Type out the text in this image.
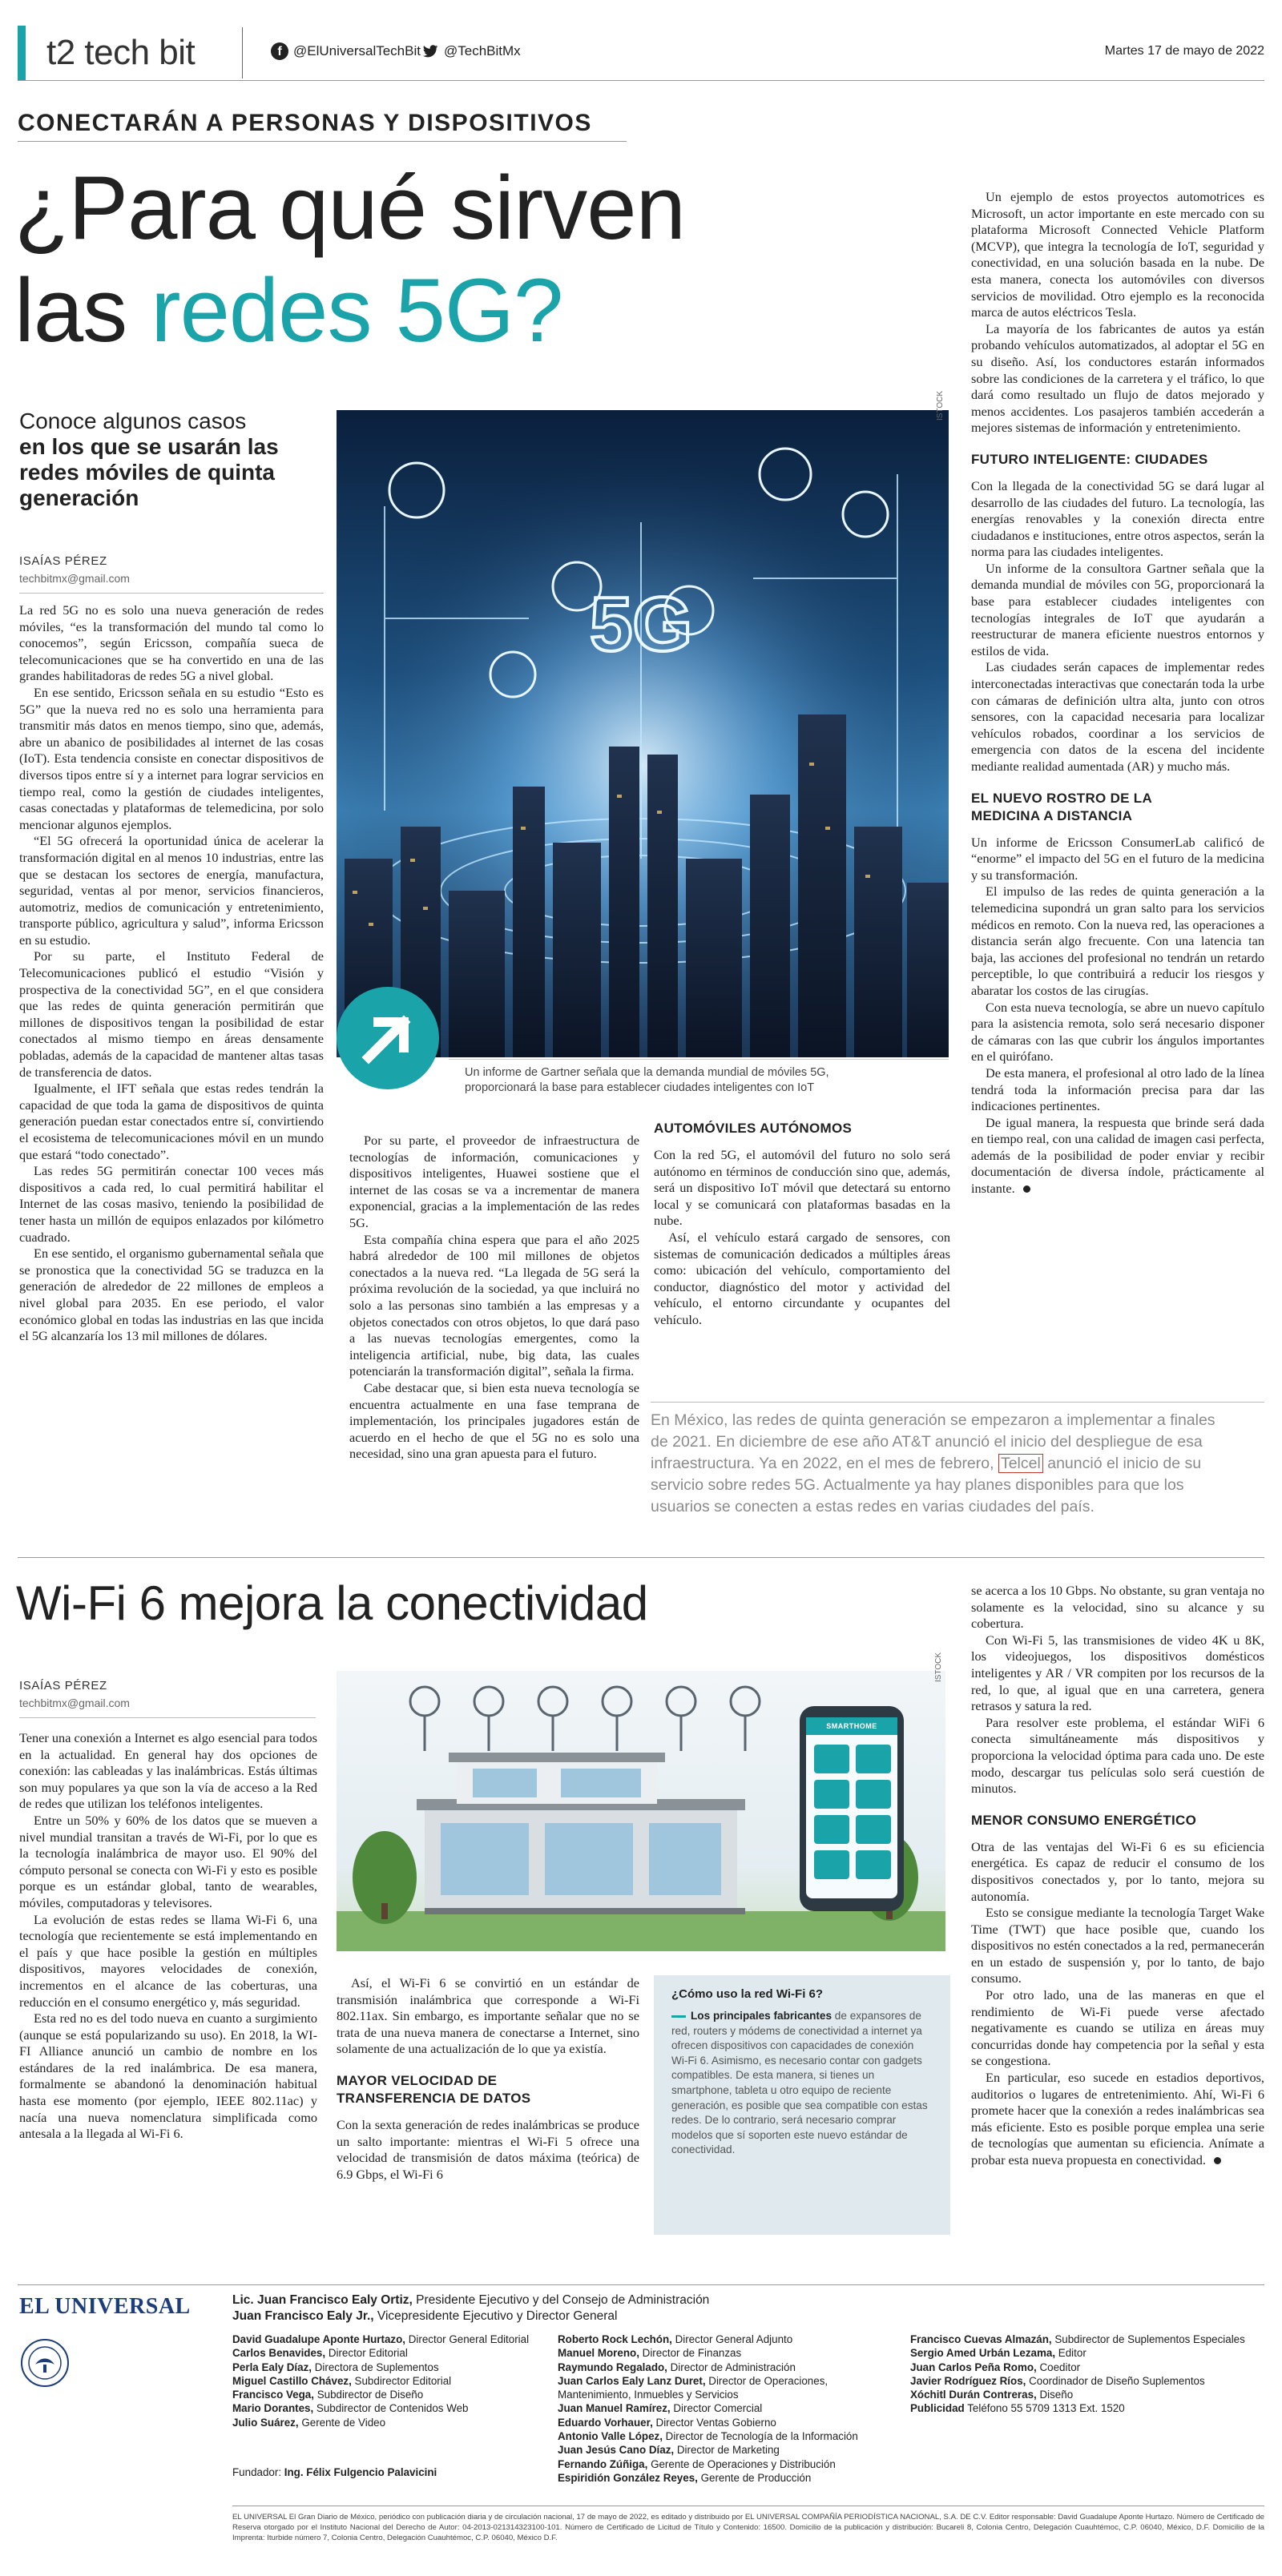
t2 tech bit	f @ElUniversalTechBit @TechBitMx	Martes 17 de mayo de 2022
CONECTARÁN A PERSONAS Y DISPOSITIVOS
¿Para qué sirven
las redes 5G?
Conoce algunos casos
en los que se usarán las redes móviles de quinta generación
ISAÍAS PÉREZ
techbitmx@gmail.com
5G
ISTOCK
Un informe de Gartner señala que la demanda mundial de móviles 5G, proporcionará la base para establecer ciudades inteligentes con IoT

La red 5G no es solo una nueva generación de redes móviles, “es la transformación del mundo tal como lo conocemos”, según Ericsson, compañía sueca de telecomunicaciones que se ha convertido en una de las grandes habilitadoras de redes 5G a nivel global.

En ese sentido, Ericsson señala en su estudio “Esto es 5G” que la nueva red no es solo una herramienta para transmitir más datos en menos tiempo, sino que, además, abre un abanico de posibilidades al internet de las cosas (IoT). Esta tendencia consiste en conectar dispositivos de diversos tipos entre sí y a internet para lograr servicios en tiempo real, como la gestión de ciudades inteligentes, casas conectadas y plataformas de telemedicina, por solo mencionar algunos ejemplos.

“El 5G ofrecerá la oportunidad única de acelerar la transformación digital en al menos 10 industrias, entre las que se destacan los sectores de energía, manufactura, seguridad, ventas al por menor, servicios financieros, automotriz, medios de comunicación y entretenimiento, transporte público, agricultura y salud”, informa Ericsson en su estudio.

Por su parte, el Instituto Federal de Telecomunicaciones publicó el estudio “Visión y prospectiva de la conectividad 5G”, en el que considera que las redes de quinta generación permitirán que millones de dispositivos tengan la posibilidad de estar conectados al mismo tiempo en áreas densamente pobladas, además de la capacidad de mantener altas tasas de transferencia de datos.

Igualmente, el IFT señala que estas redes tendrán la capacidad de que toda la gama de dispositivos de quinta generación puedan estar conectados entre sí, convirtiendo el ecosistema de telecomunicaciones móvil en un mundo que estará “todo conectado”.

Las redes 5G permitirán conectar 100 veces más dispositivos a cada red, lo cual permitirá habilitar el Internet de las cosas masivo, teniendo la posibilidad de tener hasta un millón de equipos enlazados por kilómetro cuadrado.

En ese sentido, el organismo gubernamental señala que se pronostica que la conectividad 5G se traduzca en la generación de alrededor de 22 millones de empleos a nivel global para 2035. En ese periodo, el valor económico global en todas las industrias en las que incida el 5G alcanzaría los 13 mil millones de dólares.

Por su parte, el proveedor de infraestructura de tecnologías de información, comunicaciones y dispositivos inteligentes, Huawei sostiene que el internet de las cosas se va a incrementar de manera exponencial, gracias a la implementación de las redes 5G.

Esta compañía china espera que para el año 2025 habrá alrededor de 100 mil millones de objetos conectados a la nueva red. “La llegada de 5G será la próxima revolución de la sociedad, ya que incluirá no solo a las personas sino también a las empresas y a objetos conectados con otros objetos, lo que dará paso a las nuevas tecnologías emergentes, como la inteligencia artificial, nube, big data, las cuales potenciarán la transformación digital”, señala la firma.

Cabe destacar que, si bien esta nueva tecnología se encuentra actualmente en una fase temprana de implementación, los principales jugadores están de acuerdo en el hecho de que el 5G no es solo una necesidad, sino una gran apuesta para el futuro.

AUTOMÓVILES AUTÓNOMOS

Con la red 5G, el automóvil del futuro no solo será autónomo en términos de conducción sino que, además, será un dispositivo IoT móvil que detectará su entorno local y se comunicará con plataformas basadas en la nube.

Así, el vehículo estará cargado de sensores, con sistemas de comunicación dedicados a múltiples áreas como: ubicación del vehículo, comportamiento del conductor, diagnóstico del motor y actividad del vehículo, el entorno circundante y ocupantes del vehículo.

Un ejemplo de estos proyectos automotrices es Microsoft, un actor importante en este mercado con su plataforma Microsoft Connected Vehicle Platform (MCVP), que integra la tecnología de IoT, seguridad y conectividad, en una solución basada en la nube. De esta manera, conecta los automóviles con diversos servicios de movilidad. Otro ejemplo es la reconocida marca de autos eléctricos Tesla.

La mayoría de los fabricantes de autos ya están probando vehículos automatizados, al adoptar el 5G en su diseño. Así, los conductores estarán informados sobre las condiciones de la carretera y el tráfico, lo que dará como resultado un flujo de datos mejorado y menos accidentes. Los pasajeros también accederán a mejores sistemas de información y entretenimiento.

FUTURO INTELIGENTE: CIUDADES

Con la llegada de la conectividad 5G se dará lugar al desarrollo de las ciudades del futuro. La tecnología, las energías renovables y la conexión directa entre ciudadanos e instituciones, entre otros aspectos, serán la norma para las ciudades inteligentes.

Un informe de la consultora Gartner señala que la demanda mundial de móviles con 5G, proporcionará la base para establecer ciudades inteligentes con tecnologías integrales de IoT que ayudarán a reestructurar de manera eficiente nuestros entornos y estilos de vida.

Las ciudades serán capaces de implementar redes interconectadas interactivas que conectarán toda la urbe con cámaras de definición ultra alta, junto con otros sensores, con la capacidad necesaria para localizar vehículos robados, coordinar a los servicios de emergencia con datos de la escena del incidente mediante realidad aumentada (AR) y mucho más.

EL NUEVO ROSTRO DE LA
MEDICINA A DISTANCIA

Un informe de Ericsson ConsumerLab calificó de “enorme” el impacto del 5G en el futuro de la medicina y su transformación.

El impulso de las redes de quinta generación a la telemedicina supondrá un gran salto para los servicios médicos en remoto. Con la nueva red, las operaciones a distancia serán algo frecuente. Con una latencia tan baja, las acciones del profesional no tendrán un retardo perceptible, lo que contribuirá a reducir los riesgos y abaratar los costos de las cirugías.

Con esta nueva tecnología, se abre un nuevo capítulo para la asistencia remota, solo será necesario disponer de cámaras con las que cubrir los ángulos importantes en el quirófano.

De esta manera, el profesional al otro lado de la línea tendrá toda la información precisa para dar las indicaciones pertinentes.

De igual manera, la respuesta que brinde será dada en tiempo real, con una calidad de imagen casi perfecta, además de la posibilidad de poder enviar y recibir documentación de diversa índole, prácticamente al instante.

En México, las redes de quinta generación se empezaron a implementar a finales de 2021. En diciembre de ese año AT&T anunció el inicio del despliegue de esa infraestructura. Ya en 2022, en el mes de febrero, Telcel anunció el inicio de su servicio sobre redes 5G. Actualmente ya hay planes disponibles para que los usuarios se conecten a estas redes en varias ciudades del país.
Wi-Fi 6 mejora la conectividad
ISAÍAS PÉREZ
techbitmx@gmail.com
SMARTHOME
ISTOCK

Tener una conexión a Internet es algo esencial para todos en la actualidad. En general hay dos opciones de conexión: las cableadas y las inalámbricas. Estás últimas son muy populares ya que son la vía de acceso a la Red de redes que utilizan los teléfonos inteligentes.

Entre un 50% y 60% de los datos que se mueven a nivel mundial transitan a través de Wi-Fi, por lo que es la tecnología inalámbrica de mayor uso. El 90% del cómputo personal se conecta con Wi-Fi y esto es posible porque es un estándar global, tanto de wearables, móviles, computadoras y televisores.

La evolución de estas redes se llama Wi-Fi 6, una tecnología que recientemente se está implementando en el país y que hace posible la gestión en múltiples dispositivos, mayores velocidades de conexión, incrementos en el alcance de las coberturas, una reducción en el consumo energético y, más seguridad.

Esta red no es del todo nueva en cuanto a surgimiento (aunque se está popularizando su uso). En 2018, la WI-FI Alliance anunció un cambio de nombre en los estándares de la red inalámbrica. De esa manera, formalmente se abandonó la denominación habitual hasta ese momento (por ejemplo, IEEE 802.11ac) y nacía una nueva nomenclatura simplificada como antesala a la llegada al Wi-Fi 6.

Así, el Wi-Fi 6 se convirtió en un estándar de transmisión inalámbrica que corresponde a Wi-Fi 802.11ax. Sin embargo, es importante señalar que no se trata de una nueva manera de conectarse a Internet, sino solamente de una actualización de lo que ya existía.

MAYOR VELOCIDAD DE
TRANSFERENCIA DE DATOS

Con la sexta generación de redes inalámbricas se produce un salto importante: mientras el Wi-Fi 5 ofrece una velocidad de transmisión de datos máxima (teórica) de 6.9 Gbps, el Wi-Fi 6

¿Cómo uso la red Wi-Fi 6?
Los principales fabricantes de expansores de red, routers y módems de conectividad a internet ya ofrecen dispositivos con capacidades de conexión Wi-Fi 6. Asimismo, es necesario contar con gadgets compatibles. De esta manera, si tienes un smartphone, tableta u otro equipo de reciente generación, es posible que sea compatible con estas redes. De lo contrario, será necesario comprar modelos que sí soporten este nuevo estándar de conectividad.

se acerca a los 10 Gbps. No obstante, su gran ventaja no solamente es la velocidad, sino su alcance y su cobertura.

Con Wi-Fi 5, las transmisiones de video 4K u 8K, los videojuegos, los dispositivos domésticos inteligentes y AR / VR compiten por los recursos de la red, lo que, al igual que en una carretera, genera retrasos y satura la red.

Para resolver este problema, el estándar WiFi 6 conecta simultáneamente más dispositivos y proporciona la velocidad óptima para cada uno. De este modo, descargar tus películas solo será cuestión de minutos.

MENOR CONSUMO ENERGÉTICO

Otra de las ventajas del Wi-Fi 6 es su eficiencia energética. Es capaz de reducir el consumo de los dispositivos conectados y, por lo tanto, mejora su autonomía.

Esto se consigue mediante la tecnología Target Wake Time (TWT) que hace posible que, cuando los dispositivos no estén conectados a la red, permanecerán en un estado de suspensión y, por lo tanto, de bajo consumo.

Por otro lado, una de las maneras en que el rendimiento de Wi-Fi puede verse afectado negativamente es cuando se utiliza en áreas muy concurridas donde hay competencia por la señal y esta se congestiona.

En particular, eso sucede en estadios deportivos, auditorios o lugares de entretenimiento. Ahí, Wi-Fi 6 promete hacer que la conexión a redes inalámbricas sea más eficiente. Esto es posible porque emplea una serie de tecnologías que aumentan su eficiencia. Anímate a probar esta nueva propuesta en conectividad.

EL UNIVERSAL	Lic. Juan Francisco Ealy Ortiz, Presidente Ejecutivo y del Consejo de Administración
Juan Francisco Ealy Jr., Vicepresidente Ejecutivo y Director General
David Guadalupe Aponte Hurtazo, Director General Editorial
Carlos Benavides, Director Editorial
Perla Ealy Díaz, Directora de Suplementos
Miguel Castillo Chávez, Subdirector Editorial
Francisco Vega, Subdirector de Diseño
Mario Dorantes, Subdirector de Contenidos Web
Julio Suárez, Gerente de Video
Roberto Rock Lechón, Director General Adjunto
Manuel Moreno, Director de Finanzas
Raymundo Regalado, Director de Administración
Juan Carlos Ealy Lanz Duret, Director de Operaciones, Mantenimiento, Inmuebles y Servicios
Juan Manuel Ramírez, Director Comercial
Eduardo Vorhauer, Director Ventas Gobierno
Antonio Valle López, Director de Tecnología de la Información
Juan Jesús Cano Díaz, Director de Marketing
Fernando Zúñiga, Gerente de Operaciones y Distribución
Espiridión González Reyes, Gerente de Producción
Francisco Cuevas Almazán, Subdirector de Suplementos Especiales
Sergio Amed Urbán Lezama, Editor
Juan Carlos Peña Romo, Coeditor
Javier Rodríguez Ríos, Coordinador de Diseño Suplementos
Xóchitl Durán Contreras, Diseño
Publicidad Teléfono 55 5709 1313 Ext. 1520
Fundador: Ing. Félix Fulgencio Palavicini
EL UNIVERSAL El Gran Diario de México, periódico con publicación diaria y de circulación nacional, 17 de mayo de 2022, es editado y distribuido por EL UNIVERSAL COMPAÑÍA PERIODÍSTICA NACIONAL, S.A. DE C.V. Editor responsable: David Guadalupe Aponte Hurtazo. Número de Certificado de Reserva otorgado por el Instituto Nacional del Derecho de Autor: 04-2013-021314323100-101. Número de Certificado de Licitud de Título y Contenido: 16500. Domicilio de la publicación y distribución: Bucareli 8, Colonia Centro, Delegación Cuauhtémoc, C.P. 06040, México, D.F. Domicilio de la Imprenta: Iturbide número 7, Colonia Centro, Delegación Cuauhtémoc, C.P. 06040, México D.F.
